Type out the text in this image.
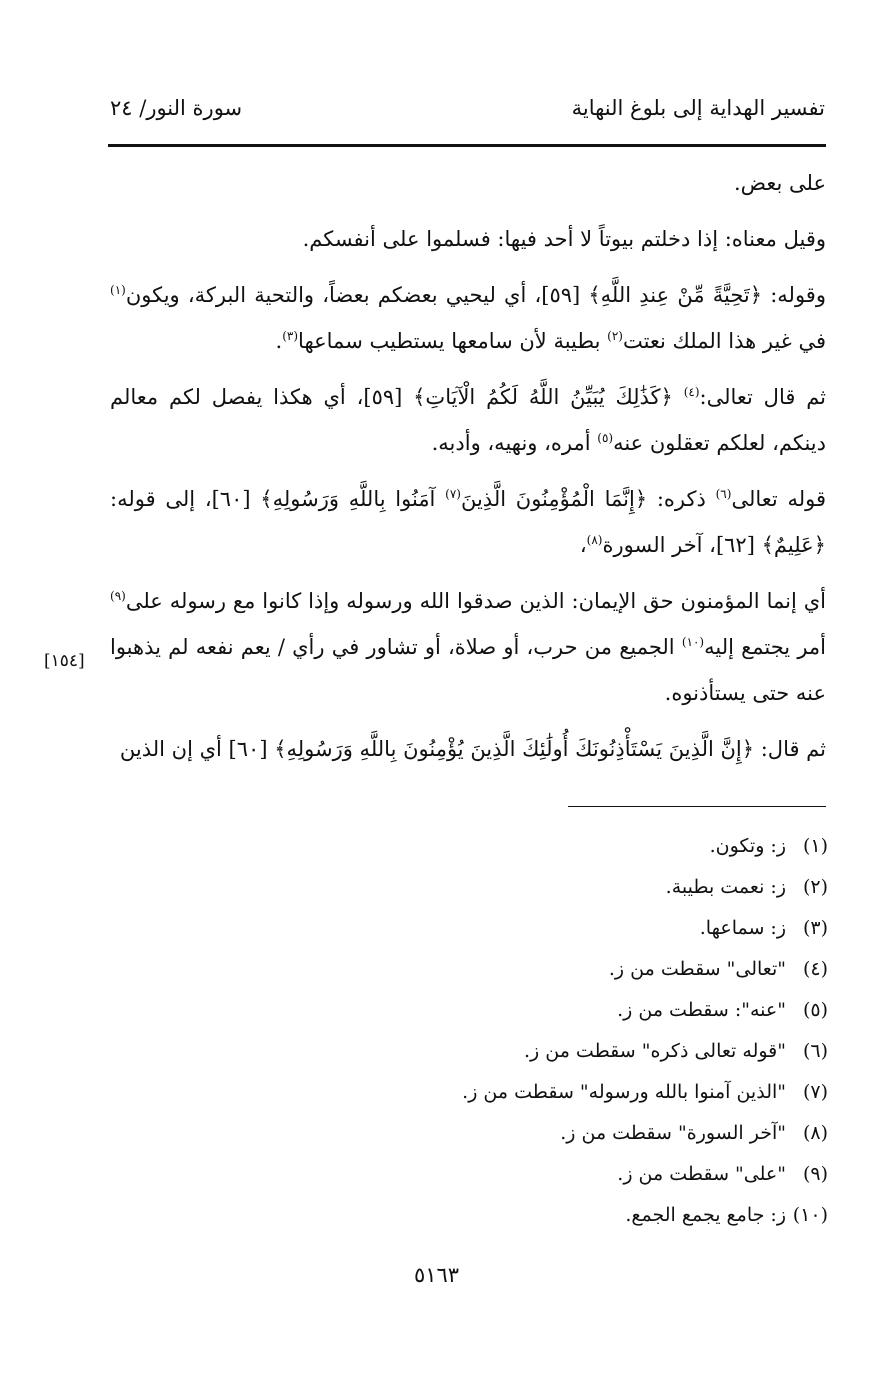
تفسير الهداية إلى بلوغ النهاية
سورة النور/ ٢٤

على بعض.

وقيل معناه: إذا دخلتم بيوتاً لا أحد فيها: فسلموا على أنفسكم.

وقوله: ﴿تَحِيَّةً مِّنْ عِندِ اللَّهِ﴾ [٥٩]، أي ليحيي بعضكم بعضاً، والتحية البركة، ويكون$^{(١)}$ في غير هذا الملك نعتت$^{(٢)}$ بطيبة لأن سامعها يستطيب سماعها$^{(٣)}$.

ثم قال تعالى:$^{(٤)}$ ﴿كَذَٰلِكَ يُبَيِّنُ اللَّهُ لَكُمُ الْآيَاتِ﴾ [٥٩]، أي هكذا يفصل لكم معالم دينكم، لعلكم تعقلون عنه$^{(٥)}$ أمره، ونهيه، وأدبه.

قوله تعالى$^{(٦)}$ ذكره: ﴿إِنَّمَا الْمُؤْمِنُونَ الَّذِينَ$^{(٧)}$ آمَنُوا بِاللَّهِ وَرَسُولِهِ﴾ [٦٠]، إلى قوله: ﴿عَلِيمٌ﴾ [٦٢]، آخر السورة$^{(٨)}$،

أي إنما المؤمنون حق الإيمان: الذين صدقوا الله ورسوله وإذا كانوا مع رسوله على$^{(٩)}$ أمر يجتمع إليه$^{(١٠)}$ الجميع من حرب، أو صلاة، أو تشاور في رأي / يعم نفعه لم يذهبوا عنه حتى يستأذنوه.

ثم قال: ﴿إِنَّ الَّذِينَ يَسْتَأْذِنُونَكَ أُولَٰئِكَ الَّذِينَ يُؤْمِنُونَ بِاللَّهِ وَرَسُولِهِ﴾ [٦٠] أي إن الذين

[١٥٤]
(١)
ز: وتكون.
(٢)
ز: نعمت بطيبة.
(٣)
ز: سماعها.
(٤)
"تعالى" سقطت من ز.
(٥)
"عنه": سقطت من ز.
(٦)
"قوله تعالى ذكره" سقطت من ز.
(٧)
"الذين آمنوا بالله ورسوله" سقطت من ز.
(٨)
"آخر السورة" سقطت من ز.
(٩)
"على" سقطت من ز.
(١٠)
ز: جامع يجمع الجمع.
٥١٦٣
